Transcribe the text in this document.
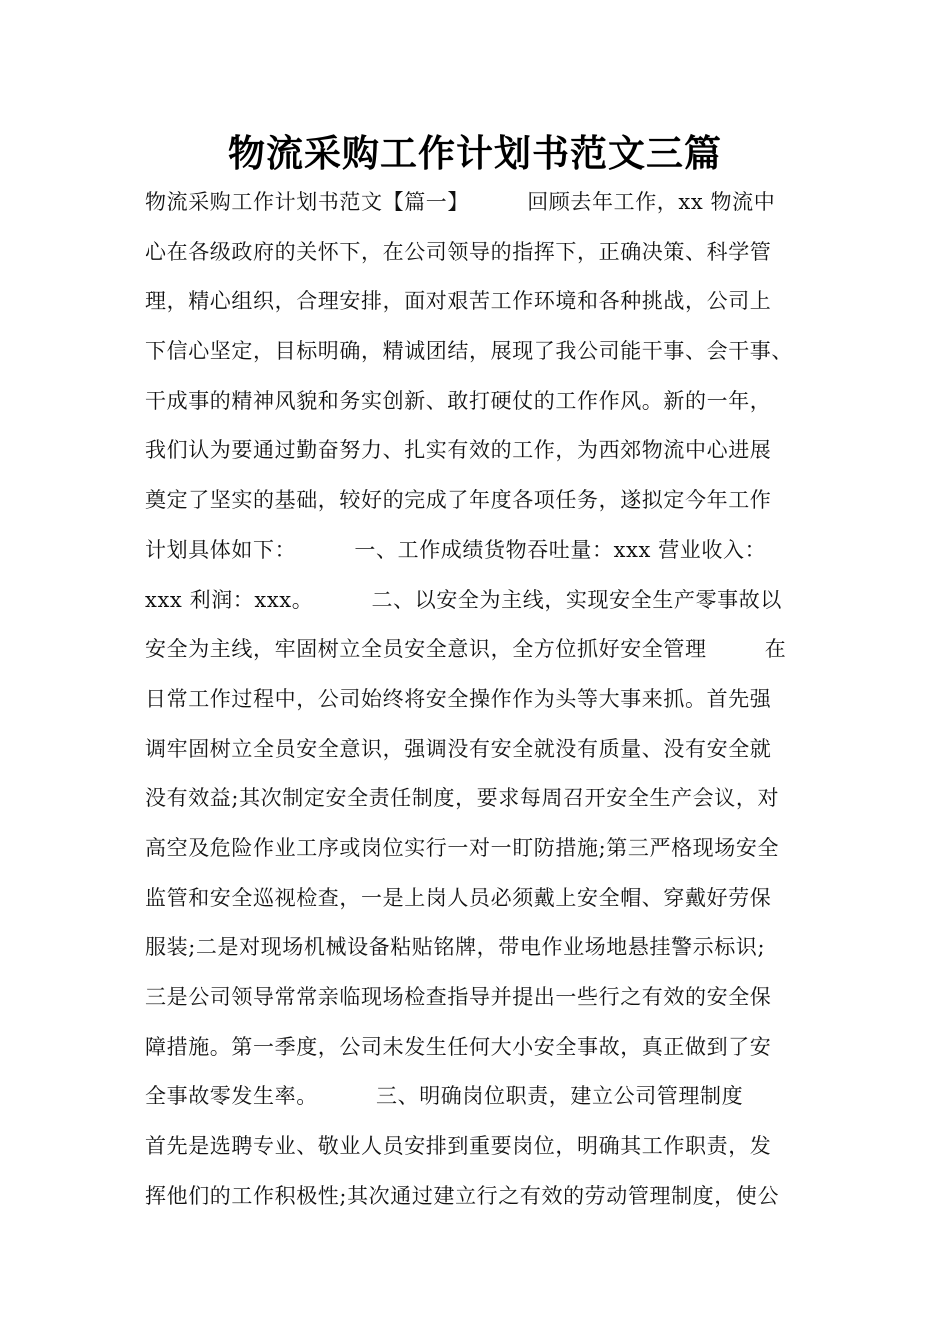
物流采购工作计划书范文三篇
物流采购工作计划书范文【篇一】        回顾去年工作，xx 物流中
心在各级政府的关怀下，在公司领导的指挥下，正确决策、科学管
理，精心组织，合理安排，面对艰苦工作环境和各种挑战，公司上
下信心坚定，目标明确，精诚团结，展现了我公司能干事、会干事、
干成事的精神风貌和务实创新、敢打硬仗的工作作风。新的一年，
我们认为要通过勤奋努力、扎实有效的工作，为西郊物流中心进展
奠定了坚实的基础，较好的完成了年度各项任务，遂拟定今年工作
计划具体如下：        一、工作成绩货物吞吐量：xxx 营业收入：
xxx 利润：xxx。        二、以安全为主线，实现安全生产零事故以
安全为主线，牢固树立全员安全意识，全方位抓好安全管理        在
日常工作过程中，公司始终将安全操作作为头等大事来抓。首先强
调牢固树立全员安全意识，强调没有安全就没有质量、没有安全就
没有效益;其次制定安全责任制度，要求每周召开安全生产会议，对
高空及危险作业工序或岗位实行一对一盯防措施;第三严格现场安全
监管和安全巡视检查，一是上岗人员必须戴上安全帽、穿戴好劳保
服装;二是对现场机械设备粘贴铭牌，带电作业场地悬挂警示标识;
三是公司领导常常亲临现场检查指导并提出一些行之有效的安全保
障措施。第一季度，公司未发生任何大小安全事故，真正做到了安
全事故零发生率。        三、明确岗位职责，建立公司管理制度
首先是选聘专业、敬业人员安排到重要岗位，明确其工作职责，发
挥他们的工作积极性;其次通过建立行之有效的劳动管理制度，使公
